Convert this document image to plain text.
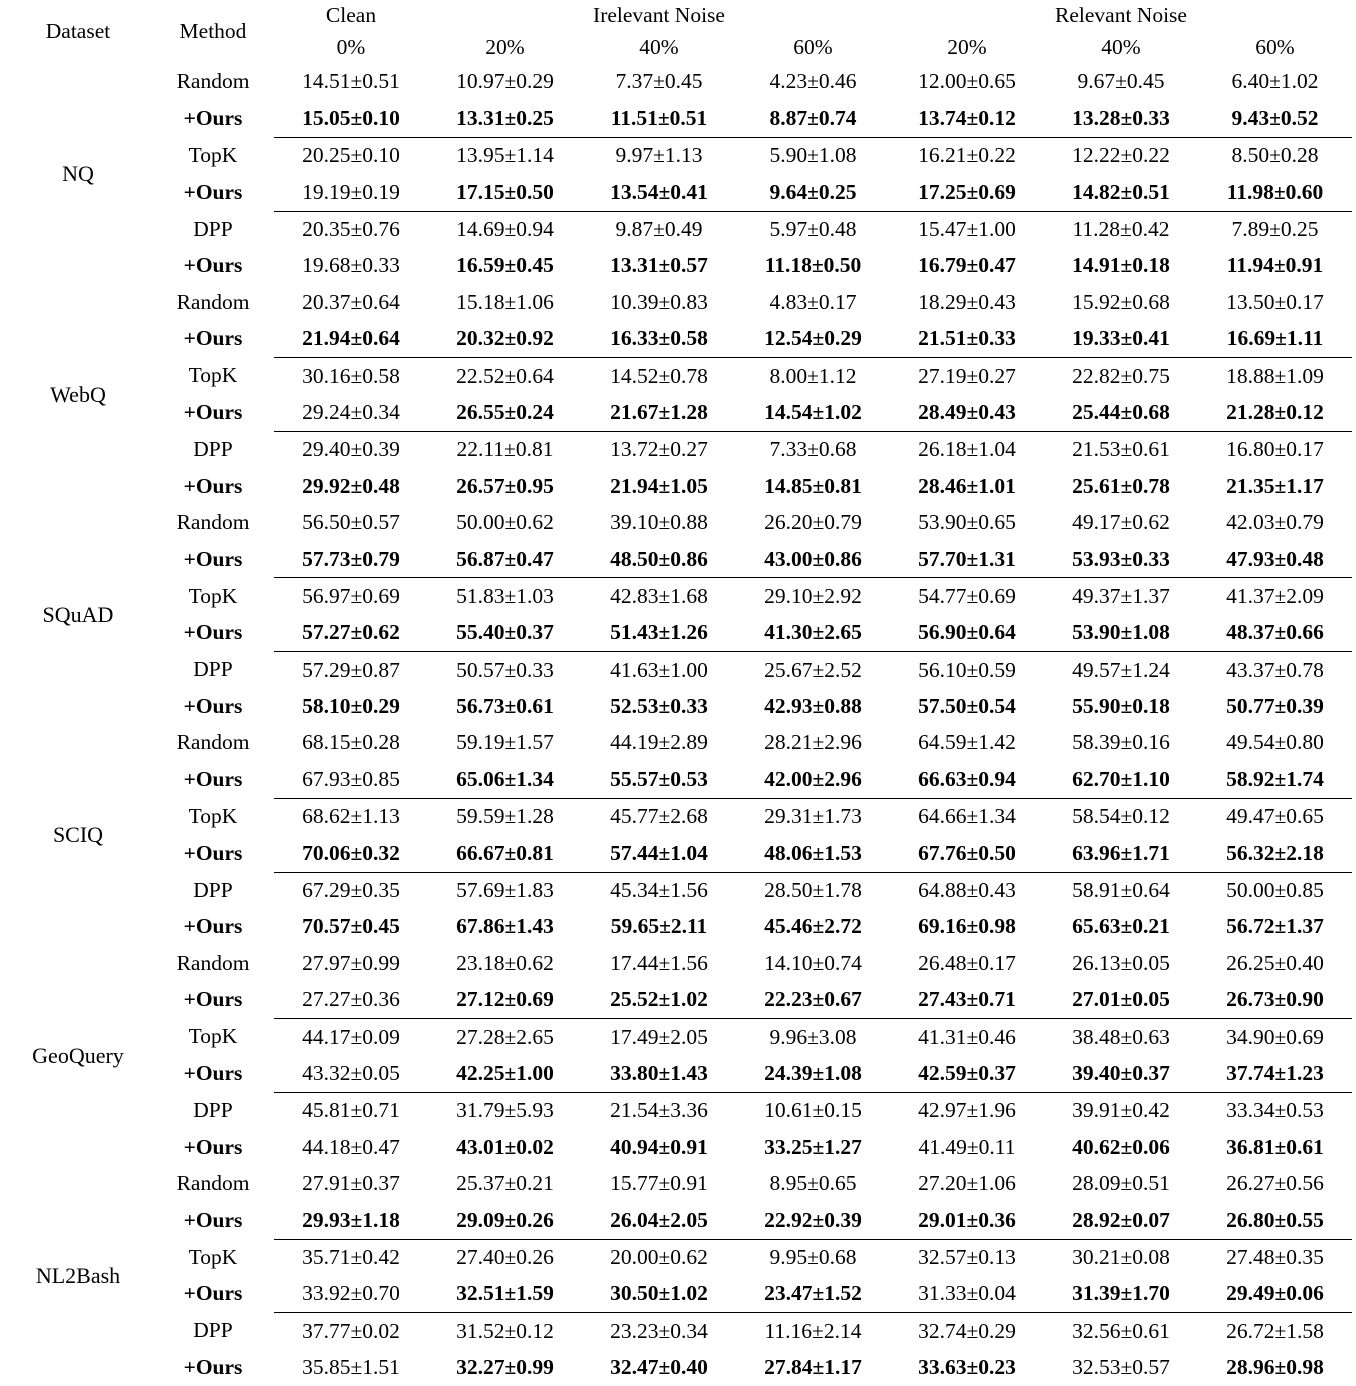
Dataset	Method	Clean	Irelevant Noise			Relevant Noise		
		0%	20%	40%	60%	20%	40%	60%

NQ	Random	14.51±0.51	10.97±0.29	7.37±0.45	4.23±0.46	12.00±0.65	9.67±0.45	6.40±1.02
	+Ours	15.05±0.10	13.31±0.25	11.51±0.51	8.87±0.74	13.74±0.12	13.28±0.33	9.43±0.52

	TopK	20.25±0.10	13.95±1.14	9.97±1.13	5.90±1.08	16.21±0.22	12.22±0.22	8.50±0.28
	+Ours	19.19±0.19	17.15±0.50	13.54±0.41	9.64±0.25	17.25±0.69	14.82±0.51	11.98±0.60

	DPP	20.35±0.76	14.69±0.94	9.87±0.49	5.97±0.48	15.47±1.00	11.28±0.42	7.89±0.25
	+Ours	19.68±0.33	16.59±0.45	13.31±0.57	11.18±0.50	16.79±0.47	14.91±0.18	11.94±0.91

WebQ	Random	20.37±0.64	15.18±1.06	10.39±0.83	4.83±0.17	18.29±0.43	15.92±0.68	13.50±0.17
	+Ours	21.94±0.64	20.32±0.92	16.33±0.58	12.54±0.29	21.51±0.33	19.33±0.41	16.69±1.11

	TopK	30.16±0.58	22.52±0.64	14.52±0.78	8.00±1.12	27.19±0.27	22.82±0.75	18.88±1.09
	+Ours	29.24±0.34	26.55±0.24	21.67±1.28	14.54±1.02	28.49±0.43	25.44±0.68	21.28±0.12

	DPP	29.40±0.39	22.11±0.81	13.72±0.27	7.33±0.68	26.18±1.04	21.53±0.61	16.80±0.17
	+Ours	29.92±0.48	26.57±0.95	21.94±1.05	14.85±0.81	28.46±1.01	25.61±0.78	21.35±1.17

SQuAD	Random	56.50±0.57	50.00±0.62	39.10±0.88	26.20±0.79	53.90±0.65	49.17±0.62	42.03±0.79
	+Ours	57.73±0.79	56.87±0.47	48.50±0.86	43.00±0.86	57.70±1.31	53.93±0.33	47.93±0.48

	TopK	56.97±0.69	51.83±1.03	42.83±1.68	29.10±2.92	54.77±0.69	49.37±1.37	41.37±2.09
	+Ours	57.27±0.62	55.40±0.37	51.43±1.26	41.30±2.65	56.90±0.64	53.90±1.08	48.37±0.66

	DPP	57.29±0.87	50.57±0.33	41.63±1.00	25.67±2.52	56.10±0.59	49.57±1.24	43.37±0.78
	+Ours	58.10±0.29	56.73±0.61	52.53±0.33	42.93±0.88	57.50±0.54	55.90±0.18	50.77±0.39

SCIQ	Random	68.15±0.28	59.19±1.57	44.19±2.89	28.21±2.96	64.59±1.42	58.39±0.16	49.54±0.80
	+Ours	67.93±0.85	65.06±1.34	55.57±0.53	42.00±2.96	66.63±0.94	62.70±1.10	58.92±1.74

	TopK	68.62±1.13	59.59±1.28	45.77±2.68	29.31±1.73	64.66±1.34	58.54±0.12	49.47±0.65
	+Ours	70.06±0.32	66.67±0.81	57.44±1.04	48.06±1.53	67.76±0.50	63.96±1.71	56.32±2.18

	DPP	67.29±0.35	57.69±1.83	45.34±1.56	28.50±1.78	64.88±0.43	58.91±0.64	50.00±0.85
	+Ours	70.57±0.45	67.86±1.43	59.65±2.11	45.46±2.72	69.16±0.98	65.63±0.21	56.72±1.37

GeoQuery	Random	27.97±0.99	23.18±0.62	17.44±1.56	14.10±0.74	26.48±0.17	26.13±0.05	26.25±0.40
	+Ours	27.27±0.36	27.12±0.69	25.52±1.02	22.23±0.67	27.43±0.71	27.01±0.05	26.73±0.90

	TopK	44.17±0.09	27.28±2.65	17.49±2.05	9.96±3.08	41.31±0.46	38.48±0.63	34.90±0.69
	+Ours	43.32±0.05	42.25±1.00	33.80±1.43	24.39±1.08	42.59±0.37	39.40±0.37	37.74±1.23

	DPP	45.81±0.71	31.79±5.93	21.54±3.36	10.61±0.15	42.97±1.96	39.91±0.42	33.34±0.53
	+Ours	44.18±0.47	43.01±0.02	40.94±0.91	33.25±1.27	41.49±0.11	40.62±0.06	36.81±0.61

NL2Bash	Random	27.91±0.37	25.37±0.21	15.77±0.91	8.95±0.65	27.20±1.06	28.09±0.51	26.27±0.56
	+Ours	29.93±1.18	29.09±0.26	26.04±2.05	22.92±0.39	29.01±0.36	28.92±0.07	26.80±0.55

	TopK	35.71±0.42	27.40±0.26	20.00±0.62	9.95±0.68	32.57±0.13	30.21±0.08	27.48±0.35
	+Ours	33.92±0.70	32.51±1.59	30.50±1.02	23.47±1.52	31.33±0.04	31.39±1.70	29.49±0.06

	DPP	37.77±0.02	31.52±0.12	23.23±0.34	11.16±2.14	32.74±0.29	32.56±0.61	26.72±1.58
	+Ours	35.85±1.51	32.27±0.99	32.47±0.40	27.84±1.17	33.63±0.23	32.53±0.57	28.96±0.98
